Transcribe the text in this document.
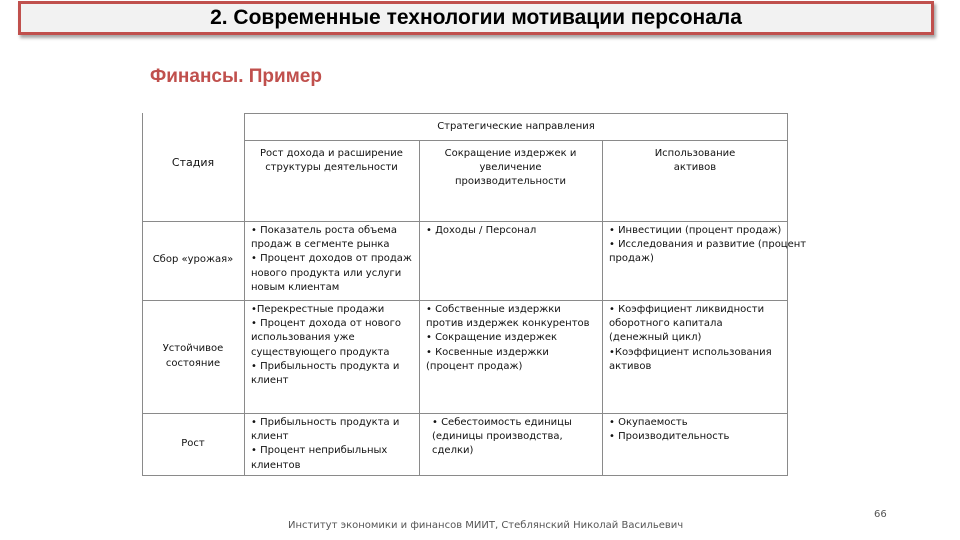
2. Современные технологии мотивации персонала
Финансы. Пример
Стратегические направления
Стадия
Рост дохода и расширение структуры деятельности
Сокращение издержек и увеличение производительности
Использование активов
Сбор «урожая»
Устойчивое состояние
Рост
• Показатель роста объема
продаж в сегменте рынка
• Процент доходов от продаж
нового продукта или услуги
новым клиентам
• Доходы / Персонал	• Инвестиции (процент продаж)
• Исследования и развитие (процент
продаж)
•Перекрестные продажи
• Процент дохода от нового
использования уже
существующего продукта
• Прибыльность продукта и
клиент
• Собственные издержки
против издержек конкурентов
• Сокращение издержек
• Косвенные издержки
(процент продаж)
• Коэффициент ликвидности
оборотного капитала
(денежный цикл)
•Коэффициент использования
активов
• Прибыльность продукта и
клиент
• Процент неприбыльных
клиентов
• Себестоимость единицы
(единицы производства,
сделки)
• Окупаемость
• Производительность
Институт экономики и финансов МИИТ, Стеблянский Николай Васильевич
66
